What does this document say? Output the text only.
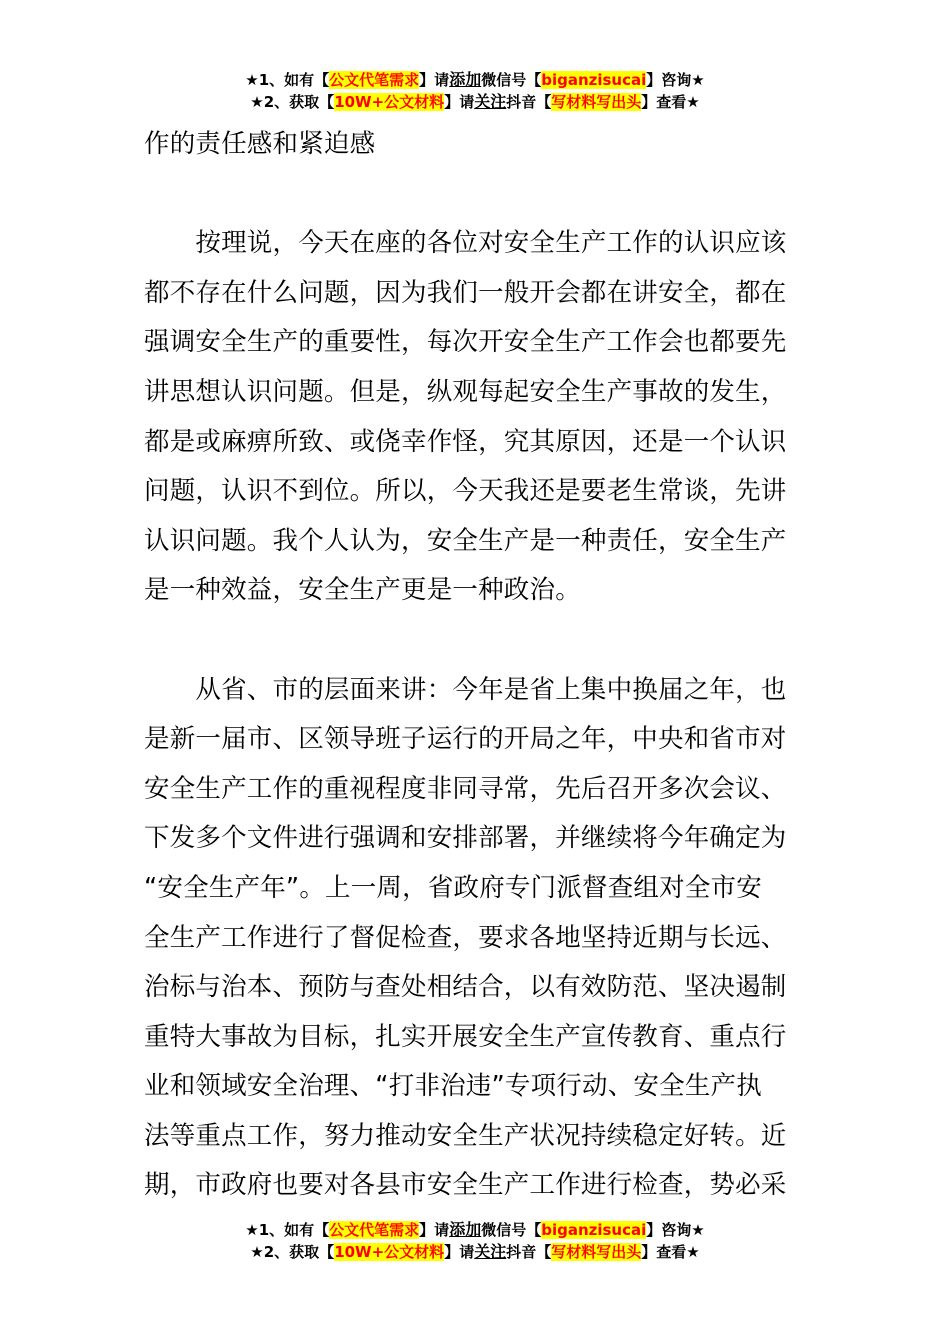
★1、如有【公文代笔需求】请添加微信号【biganzisucai】咨询★
★2、获取【10W+公文材料】请关注抖音【写材料写出头】查看★
作的责任感和紧迫感
　　按理说，今天在座的各位对安全生产工作的认识应该
都不存在什么问题，因为我们一般开会都在讲安全，都在
强调安全生产的重要性，每次开安全生产工作会也都要先
讲思想认识问题。但是，纵观每起安全生产事故的发生，
都是或麻痹所致、或侥幸作怪，究其原因，还是一个认识
问题，认识不到位。所以，今天我还是要老生常谈，先讲
认识问题。我个人认为，安全生产是一种责任，安全生产
是一种效益，安全生产更是一种政治。
　　从省、市的层面来讲：今年是省上集中换届之年，也
是新一届市、区领导班子运行的开局之年，中央和省市对
安全生产工作的重视程度非同寻常，先后召开多次会议、
下发多个文件进行强调和安排部署，并继续将今年确定为
“安全生产年”。上一周，省政府专门派督查组对全市安
全生产工作进行了督促检查，要求各地坚持近期与长远、
治标与治本、预防与查处相结合，以有效防范、坚决遏制
重特大事故为目标，扎实开展安全生产宣传教育、重点行
业和领域安全治理、“打非治违”专项行动、安全生产执
法等重点工作，努力推动安全生产状况持续稳定好转。近
期，市政府也要对各县市安全生产工作进行检查，势必采
★1、如有【公文代笔需求】请添加微信号【biganzisucai】咨询★
★2、获取【10W+公文材料】请关注抖音【写材料写出头】查看★
